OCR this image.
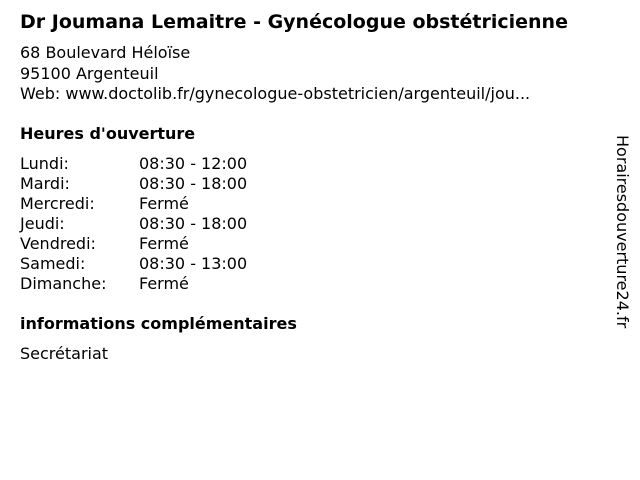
Dr Joumana Lemaitre - Gynécologue obstétricienne
68 Boulevard Héloïse
95100 Argenteuil
Web: www.doctolib.fr/gynecologue-obstetricien/argenteuil/jou...
Heures d'ouverture
Lundi:	08:30 - 12:00
Mardi:	08:30 - 18:00
Mercredi:	Fermé
Jeudi:	08:30 - 18:00
Vendredi:	Fermé
Samedi:	08:30 - 13:00
Dimanche: Fermé
informations complémentaires
Secrétariat
Horairesdouverture24.fr
